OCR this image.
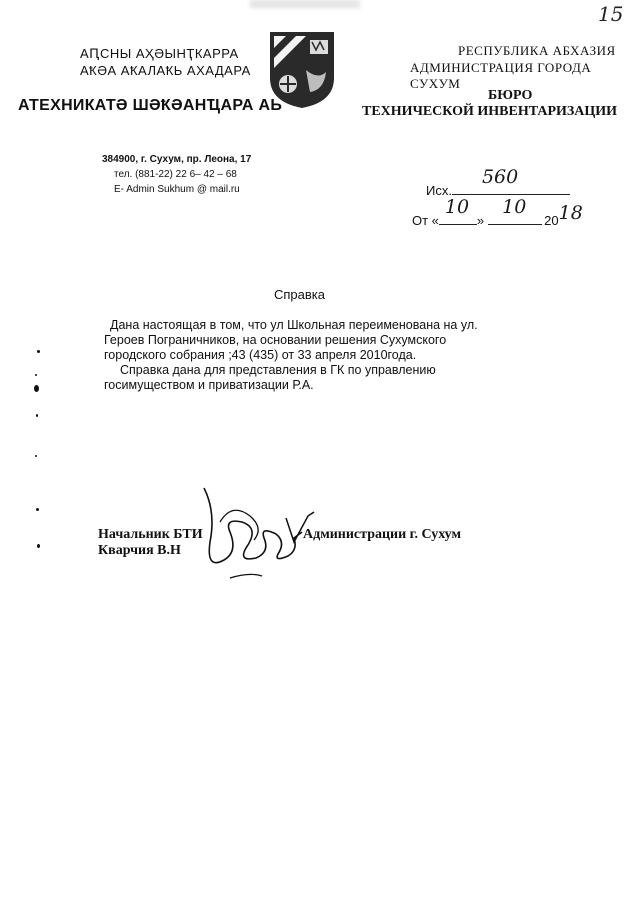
15
АԤСНЫ АҲӘЫНҬКАРРА
АҞӘА АҞАЛАҞЬ АХАДАРА
АТЕХНИКАТӘ ШӘҞӘАНҴАРА АЬ
РЕСПУБЛИКА АБХАЗИЯ
АДМИНИСТРАЦИЯ ГОРОДА СУХУМ
БЮРО
ТЕХНИЧЕСКОЙ ИНВЕНТАРИЗАЦИИ
384900, г. Сухум, пр. Леона, 17
тел. (881-22) 22 6– 42 – 68
E- Admin Sukhum @ mail.ru	Исх.
560
От «
10
»
10
2018
Справка
Дана настоящая в том, что ул Школьная переименована на ул.
Героев Пограничников, на основании решения Сухумского
городского собрания ;43 (435) от 33 апреля 2010года.
Справка дана для представления в ГК по управлению
госимуществом и приватизации Р.А.
Начальник БТИ
Кварчия В.Н
Администрации г. Сухум
